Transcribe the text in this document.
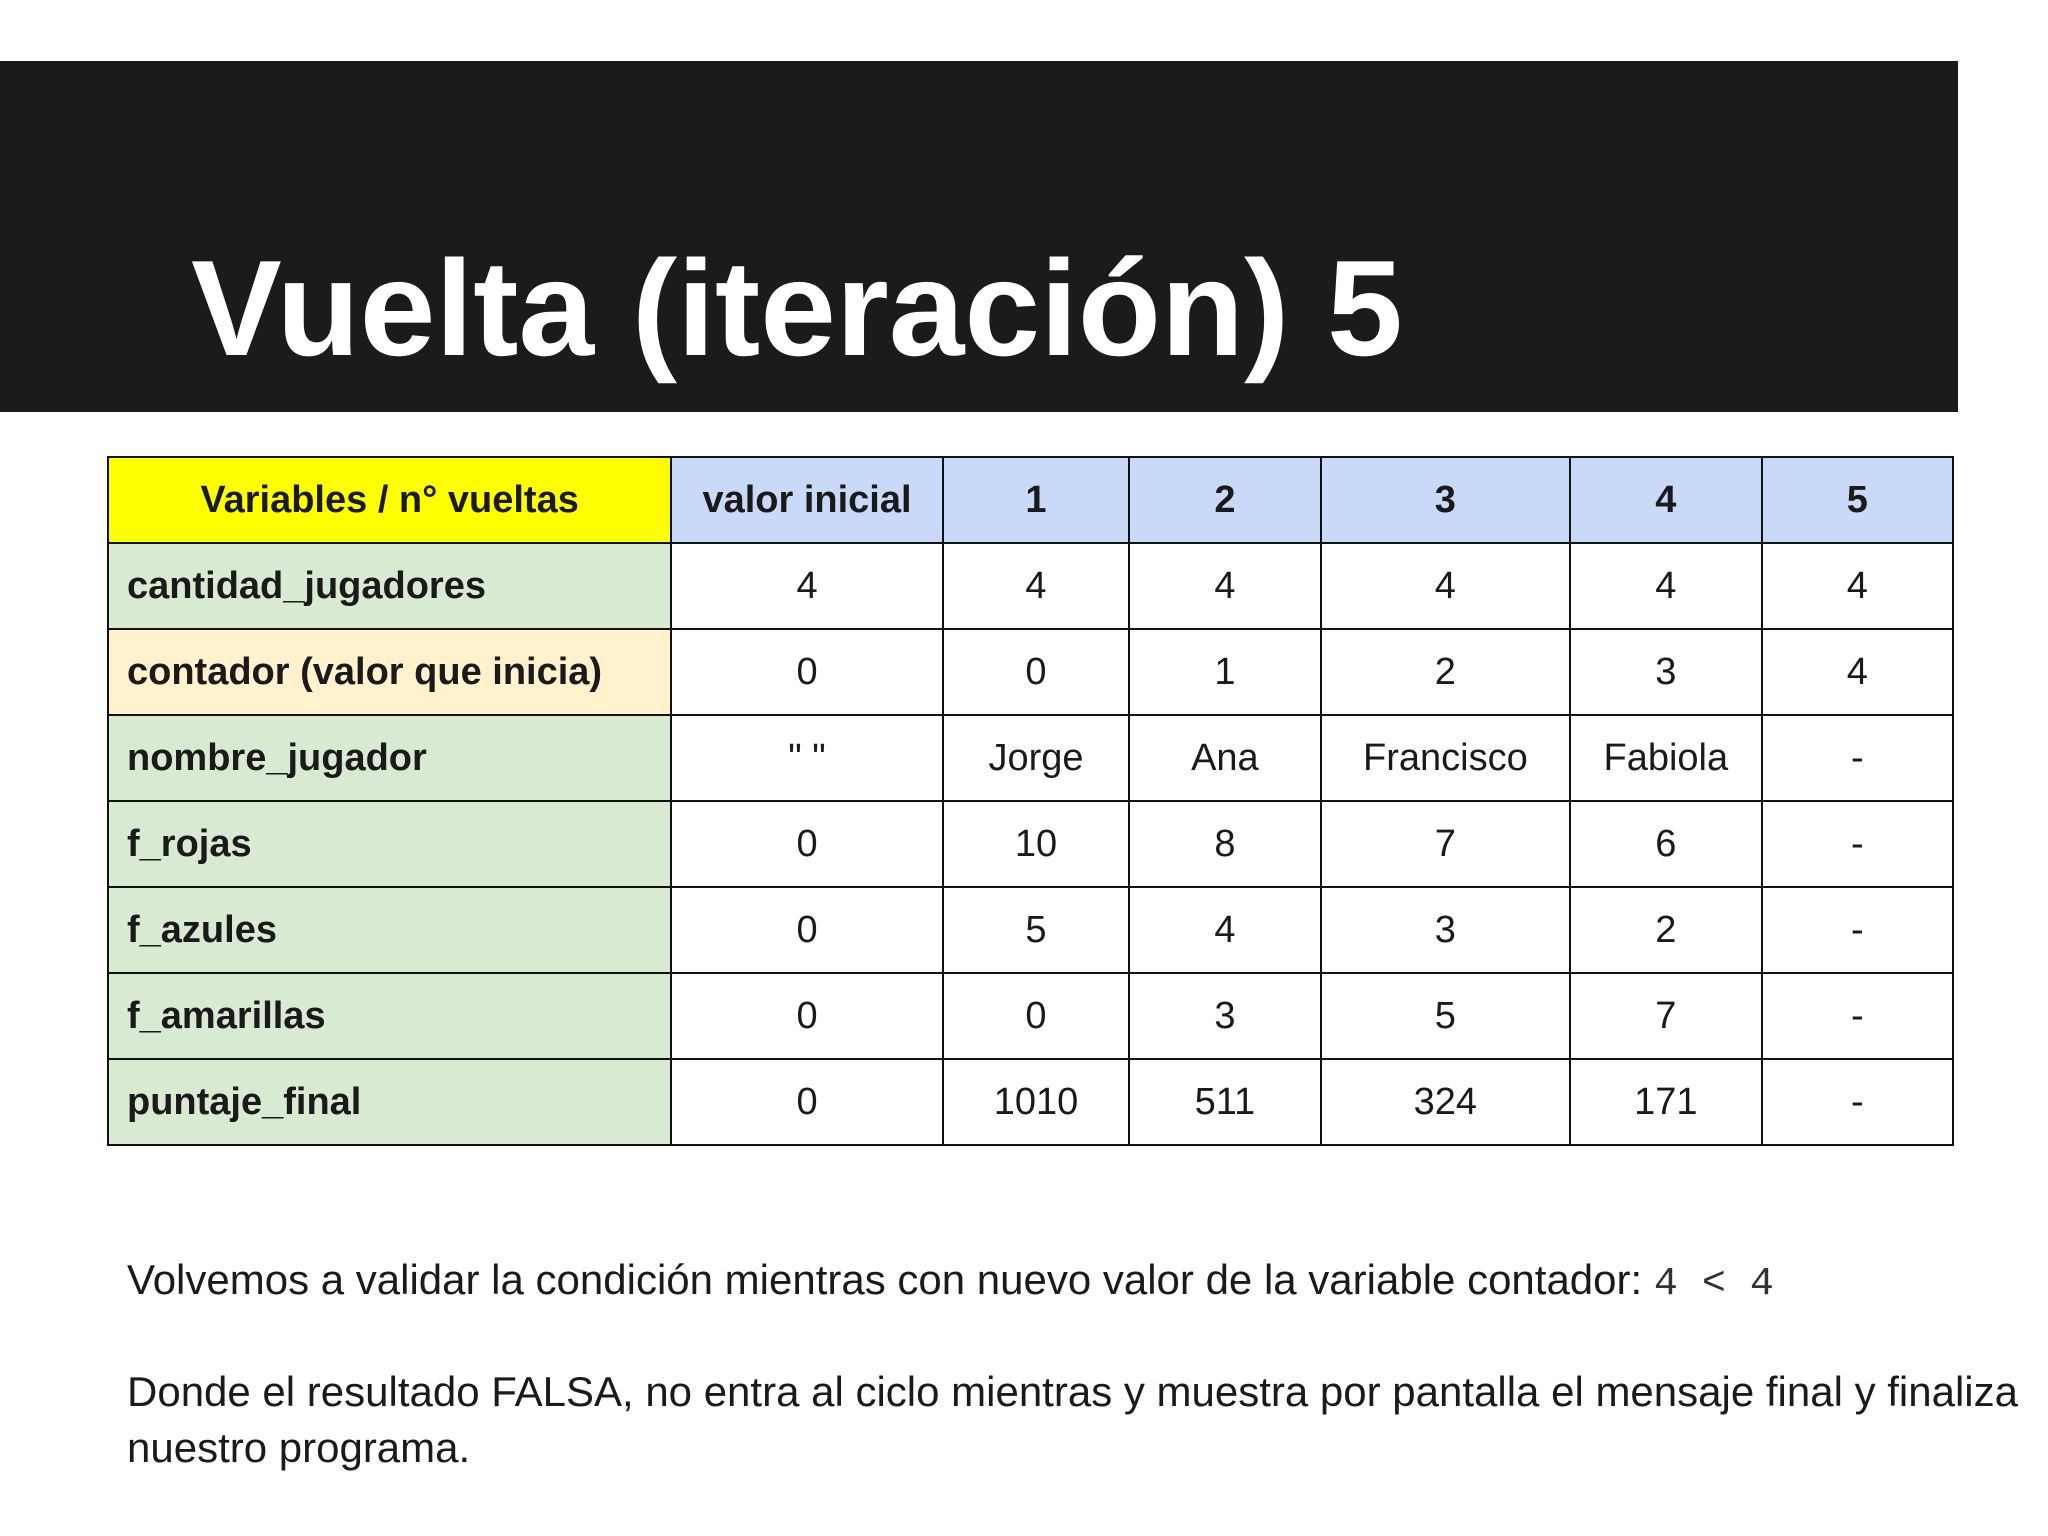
Vuelta (iteración) 5
Variables / n° vueltas	valor inicial	1	2	3	4	5
cantidad_jugadores	4	4	4	4	4	4
contador (valor que inicia)	0	0	1	2	3	4
nombre_jugador	" "	Jorge	Ana	Francisco	Fabiola	-
f_rojas	0	10	8	7	6	-
f_azules	0	5	4	3	2	-
f_amarillas	0	0	3	5	7	-
puntaje_final	0	1010	511	324	171	-

Volvemos a validar la condición mientras con nuevo valor de la variable contador: 4 < 4

Donde el resultado FALSA, no entra al ciclo mientras y muestra por pantalla el mensaje final y finaliza nuestro programa.
